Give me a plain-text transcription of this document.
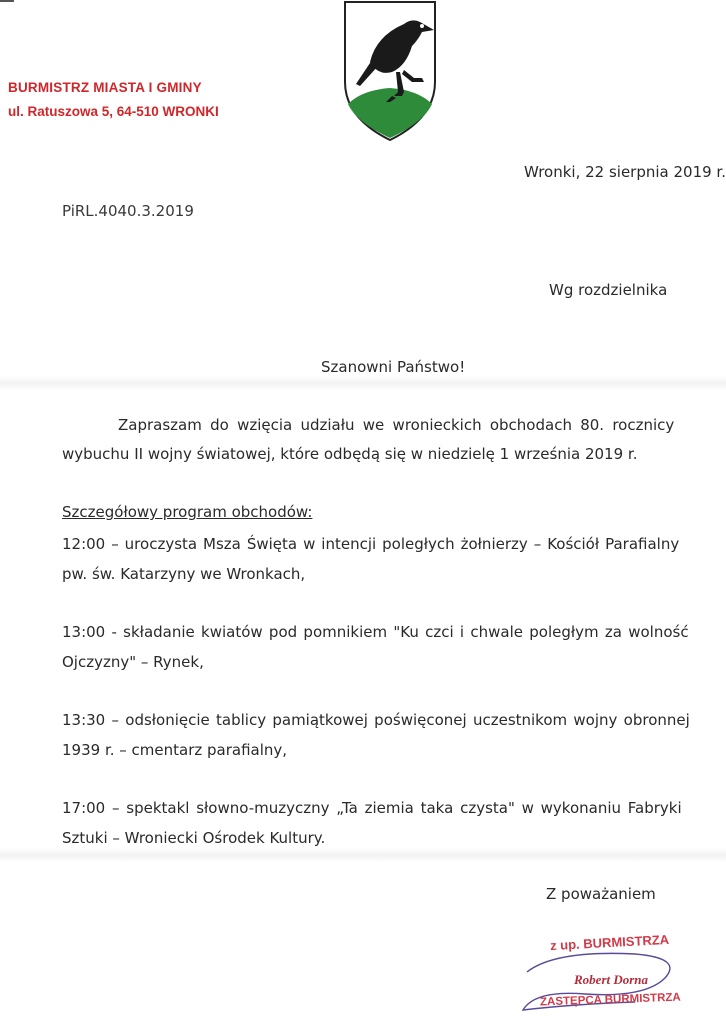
BURMISTRZ MIASTA I GMINY
ul. Ratuszowa 5, 64-510 WRONKI
Wronki, 22 sierpnia 2019 r.
PiRL.4040.3.2019
Wg rozdzielnika
Szanowni Państwo!
Zapraszam do wzięcia udziału we wronieckich obchodach 80. rocznicy
wybuchu II wojny światowej, które odbędą się w niedzielę 1 września 2019 r.
Szczegółowy program obchodów:
12:00 – uroczysta Msza Święta w intencji poległych żołnierzy – Kościół Parafialny
pw. św. Katarzyny we Wronkach,
13:00 - składanie kwiatów pod pomnikiem "Ku czci i chwale poległym za wolność
Ojczyzny" – Rynek,
13:30 – odsłonięcie tablicy pamiątkowej poświęconej uczestnikom wojny obronnej
1939 r. – cmentarz parafialny,
17:00 – spektakl słowno-muzyczny „Ta ziemia taka czysta" w wykonaniu Fabryki
Sztuki – Wroniecki Ośrodek Kultury.
Z poważaniem
z up. BURMISTRZA
Robert Dorna
ZASTĘPCA BURMISTRZA
